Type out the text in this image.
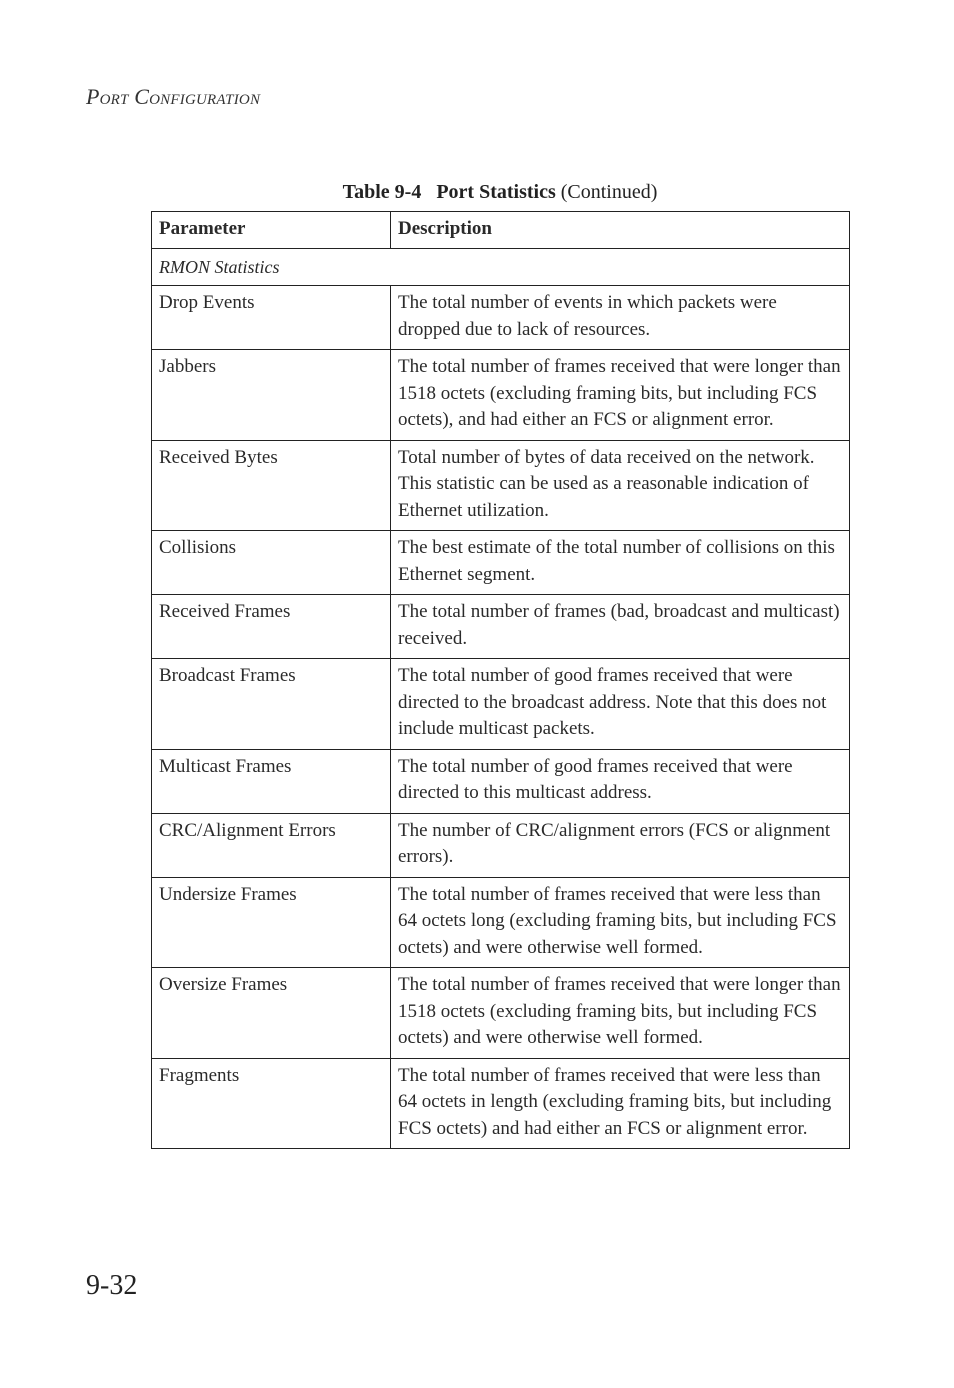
Port Configuration
Table 9-4 Port Statistics (Continued)
Parameter	Description
RMON Statistics	
Drop Events	The total number of events in which packets were dropped due to lack of resources.
Jabbers	The total number of frames received that were longer than 1518 octets (excluding framing bits, but including FCS octets), and had either an FCS or alignment error.
Received Bytes	Total number of bytes of data received on the network. This statistic can be used as a reasonable indication of Ethernet utilization.
Collisions	The best estimate of the total number of collisions on this Ethernet segment.
Received Frames	The total number of frames (bad, broadcast and multicast) received.
Broadcast Frames	The total number of good frames received that were directed to the broadcast address. Note that this does not include multicast packets.
Multicast Frames	The total number of good frames received that were directed to this multicast address.
CRC/Alignment Errors	The number of CRC/alignment errors (FCS or alignment errors).
Undersize Frames	The total number of frames received that were less than 64 octets long (excluding framing bits, but including FCS octets) and were otherwise well formed.
Oversize Frames	The total number of frames received that were longer than 1518 octets (excluding framing bits, but including FCS octets) and were otherwise well formed.
Fragments	The total number of frames received that were less than 64 octets in length (excluding framing bits, but including FCS octets) and had either an FCS or alignment error.
9-32
